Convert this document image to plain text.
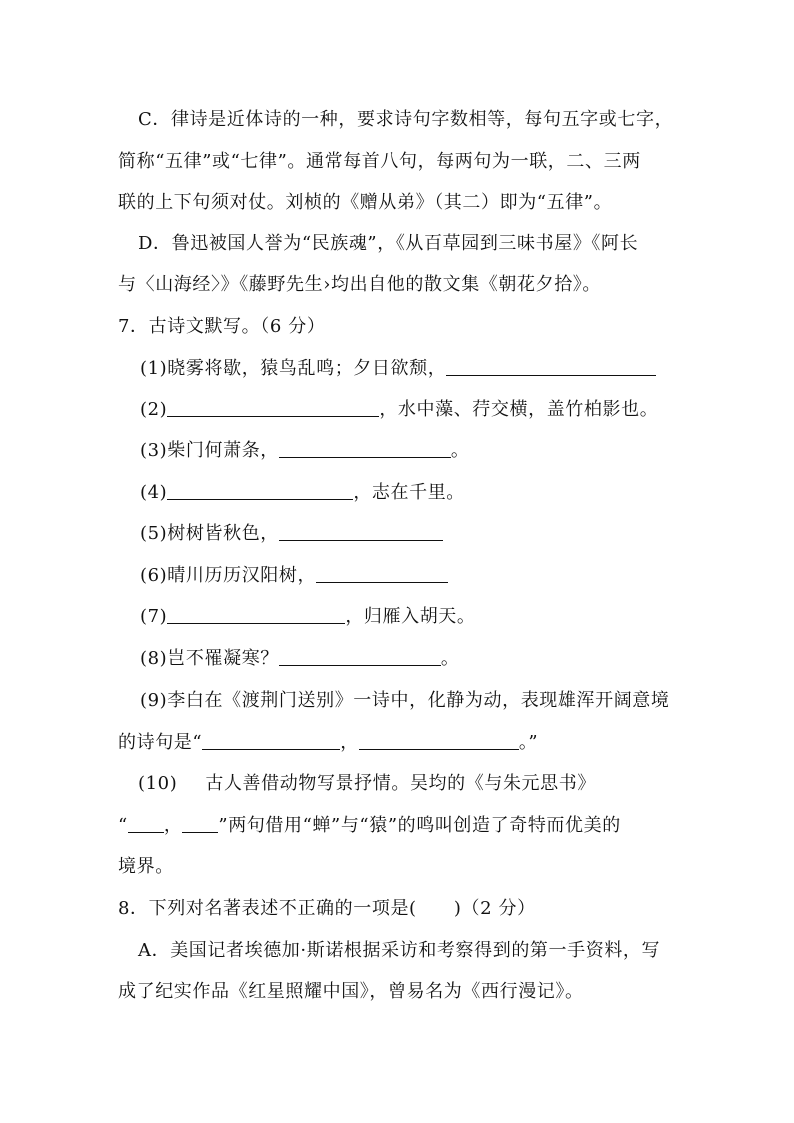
C．律诗是近体诗的一种，要求诗句字数相等，每句五字或七字，
简称“五律”或“七律”。通常每首八句，每两句为一联，二、三两
联的上下句须对仗。刘桢的《赠从弟》（其二）即为“五律”。
D．鲁迅被国人誉为“民族魂”，《从百草园到三味书屋》《阿长
与〈山海经〉》《藤野先生›均出自他的散文集《朝花夕拾》。
7．古诗文默写。（6 分）
(1)晓雾将歇，猿鸟乱鸣；夕日欲颓，
(2)	，水中藻、荇交横，盖竹柏影也。
(3)柴门何萧条，	。
(4)	，志在千里。
(5)树树皆秋色，
(6)晴川历历汉阳树，
(7)	，归雁入胡天。
(8)岂不罹凝寒？	。
(9)李白在《渡荆门送别》一诗中，化静为动，表现雄浑开阔意境
的诗句是“	，	。”
(10) 古人善借动物写景抒情。吴均的《与朱元思书》
“ ， ”两句借用“蝉”与“猿”的鸣叫创造了奇特而优美的
境界。
8．下列对名著表述不正确的一项是(　　)（2 分）
A．美国记者埃德加·斯诺根据采访和考察得到的第一手资料，写
成了纪实作品《红星照耀中国》，曾易名为《西行漫记》。
